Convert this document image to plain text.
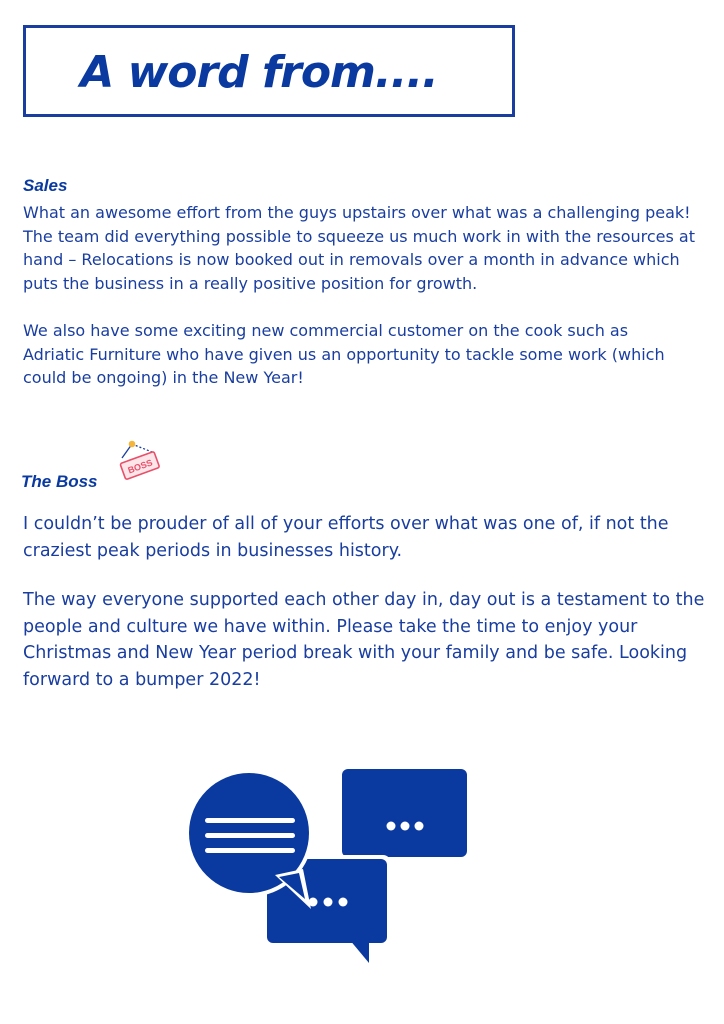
A word from....
Sales

What an awesome effort from the guys upstairs over what was a challenging peak! The team did everything possible to squeeze us much work in with the resources at hand – Relocations is now booked out in removals over a month in advance which puts the business in a really positive position for growth.

We also have some exciting new commercial customer on the cook such as Adriatic Furniture who have given us an opportunity to tackle some work (which could be ongoing) in the New Year!

The Boss
BOSS

I couldn’t be prouder of all of your efforts over what was one of, if not the craziest peak periods in businesses history.

The way everyone supported each other day in, day out is a testament to the people and culture we have within. Please take the time to enjoy your Christmas and New Year period break with your family and be safe. Looking forward to a bumper 2022!
